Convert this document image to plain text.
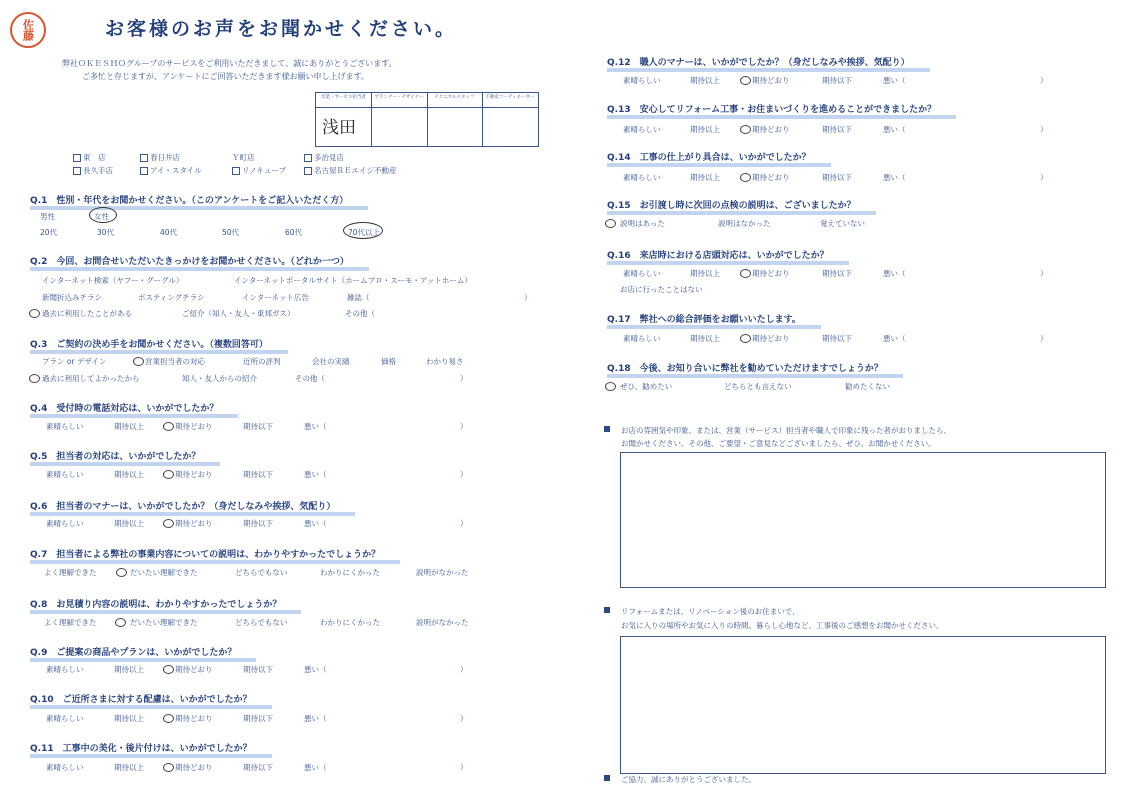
佐藤	お客様のお声をお聞かせください。
弊社ＯＫＥＳＨＯグループのサービスをご利用いただきまして、誠にありがとうございます。
ご多忙と存じますが、アンケートにご回答いただきます様お願い申し上げます。
営業・サービス担当者	プランナー・デザイナー	テクニカルスタッフ	不動産コーディネーター
浅田
東　店	春日井店	Ｙ町店	多治見店
長久手店	アイ・スタイル	リノキューブ	名古屋ＲＥエイジ不動産
Q.1　性別・年代をお聞かせください。（このアンケートをご記入いただく方）
男性	女性
20代	30代	40代	50代	60代	70代以上
Q.2　今回、お問合せいただいたきっかけをお聞かせください。（どれか一つ）
インターネット検索（ヤフー・グーグル）	インターネットポータルサイト（ホームプロ・スーモ・アットホーム）
新聞折込みチラシ	ポスティングチラシ	インターネット広告	雑誌（	）
過去に利用したことがある	ご紹介（知人・友人・東邦ガス）	その他（
Q.3　ご契約の決め手をお聞かせください。（複数回答可）
プラン or デザイン	営業担当者の対応	近所の評判	会社の実績	価格	わかり易さ
過去に利用してよかったから	知人・友人からの紹介	その他（	）
Q.4　受付時の電話対応は、いかがでしたか？
素晴らしい	期待以上	期待どおり	期待以下	悪い（	）
Q.5　担当者の対応は、いかがでしたか？
素晴らしい	期待以上	期待どおり	期待以下	悪い（	）
Q.6　担当者のマナーは、いかがでしたか？（身だしなみや挨拶、気配り）
素晴らしい	期待以上	期待どおり	期待以下	悪い（	）
Q.9　ご提案の商品やプランは、いかがでしたか？
素晴らしい	期待以上	期待どおり	期待以下	悪い（	）
Q.10　ご近所さまに対する配慮は、いかがでしたか？
素晴らしい	期待以上	期待どおり	期待以下	悪い（	）
Q.11　工事中の美化・後片付けは、いかがでしたか？
素晴らしい	期待以上	期待どおり	期待以下	悪い（	）
Q.7　担当者による弊社の事業内容についての説明は、わかりやすかったでしょうか？
よく理解できた	だいたい理解できた	どちらでもない	わかりにくかった	説明がなかった
Q.8　お見積り内容の説明は、わかりやすかったでしょうか？
よく理解できた	だいたい理解できた	どちらでもない	わかりにくかった	説明がなかった
Q.12　職人のマナーは、いかがでしたか？（身だしなみや挨拶、気配り）
素晴らしい	期待以上	期待どおり	期待以下	悪い（	）
Q.13　安心してリフォーム工事・お住まいづくりを進めることができましたか？
素晴らしい	期待以上	期待どおり	期待以下	悪い（	）
Q.14　工事の仕上がり具合は、いかがでしたか？
素晴らしい	期待以上	期待どおり	期待以下	悪い（	）
Q.16　来店時における店頭対応は、いかがでしたか？
素晴らしい	期待以上	期待どおり	期待以下	悪い（	）
Q.17　弊社への総合評価をお願いいたします。
素晴らしい	期待以上	期待どおり	期待以下	悪い（	）
Q.15　お引渡し時に次回の点検の説明は、ございましたか？
説明はあった	説明はなかった	覚えていない
お店に行ったことはない
Q.18　今後、お知り合いに弊社を勧めていただけますでしょうか？
ぜひ、勧めたい	どちらとも言えない	勧めたくない
お店の雰囲気や印象。または、営業（サービス）担当者や職人で印象に残った者がおりましたら、
お聞かせください。その他、ご要望・ご意見などございましたら、ぜひ、お聞かせください。
リフォームまたは、リノベーション後のお住まいで、
お気に入りの場所やお気に入りの時間、暮らし心地など、工事後のご感想をお聞かせください。
ご協力、誠にありがとうございました。
